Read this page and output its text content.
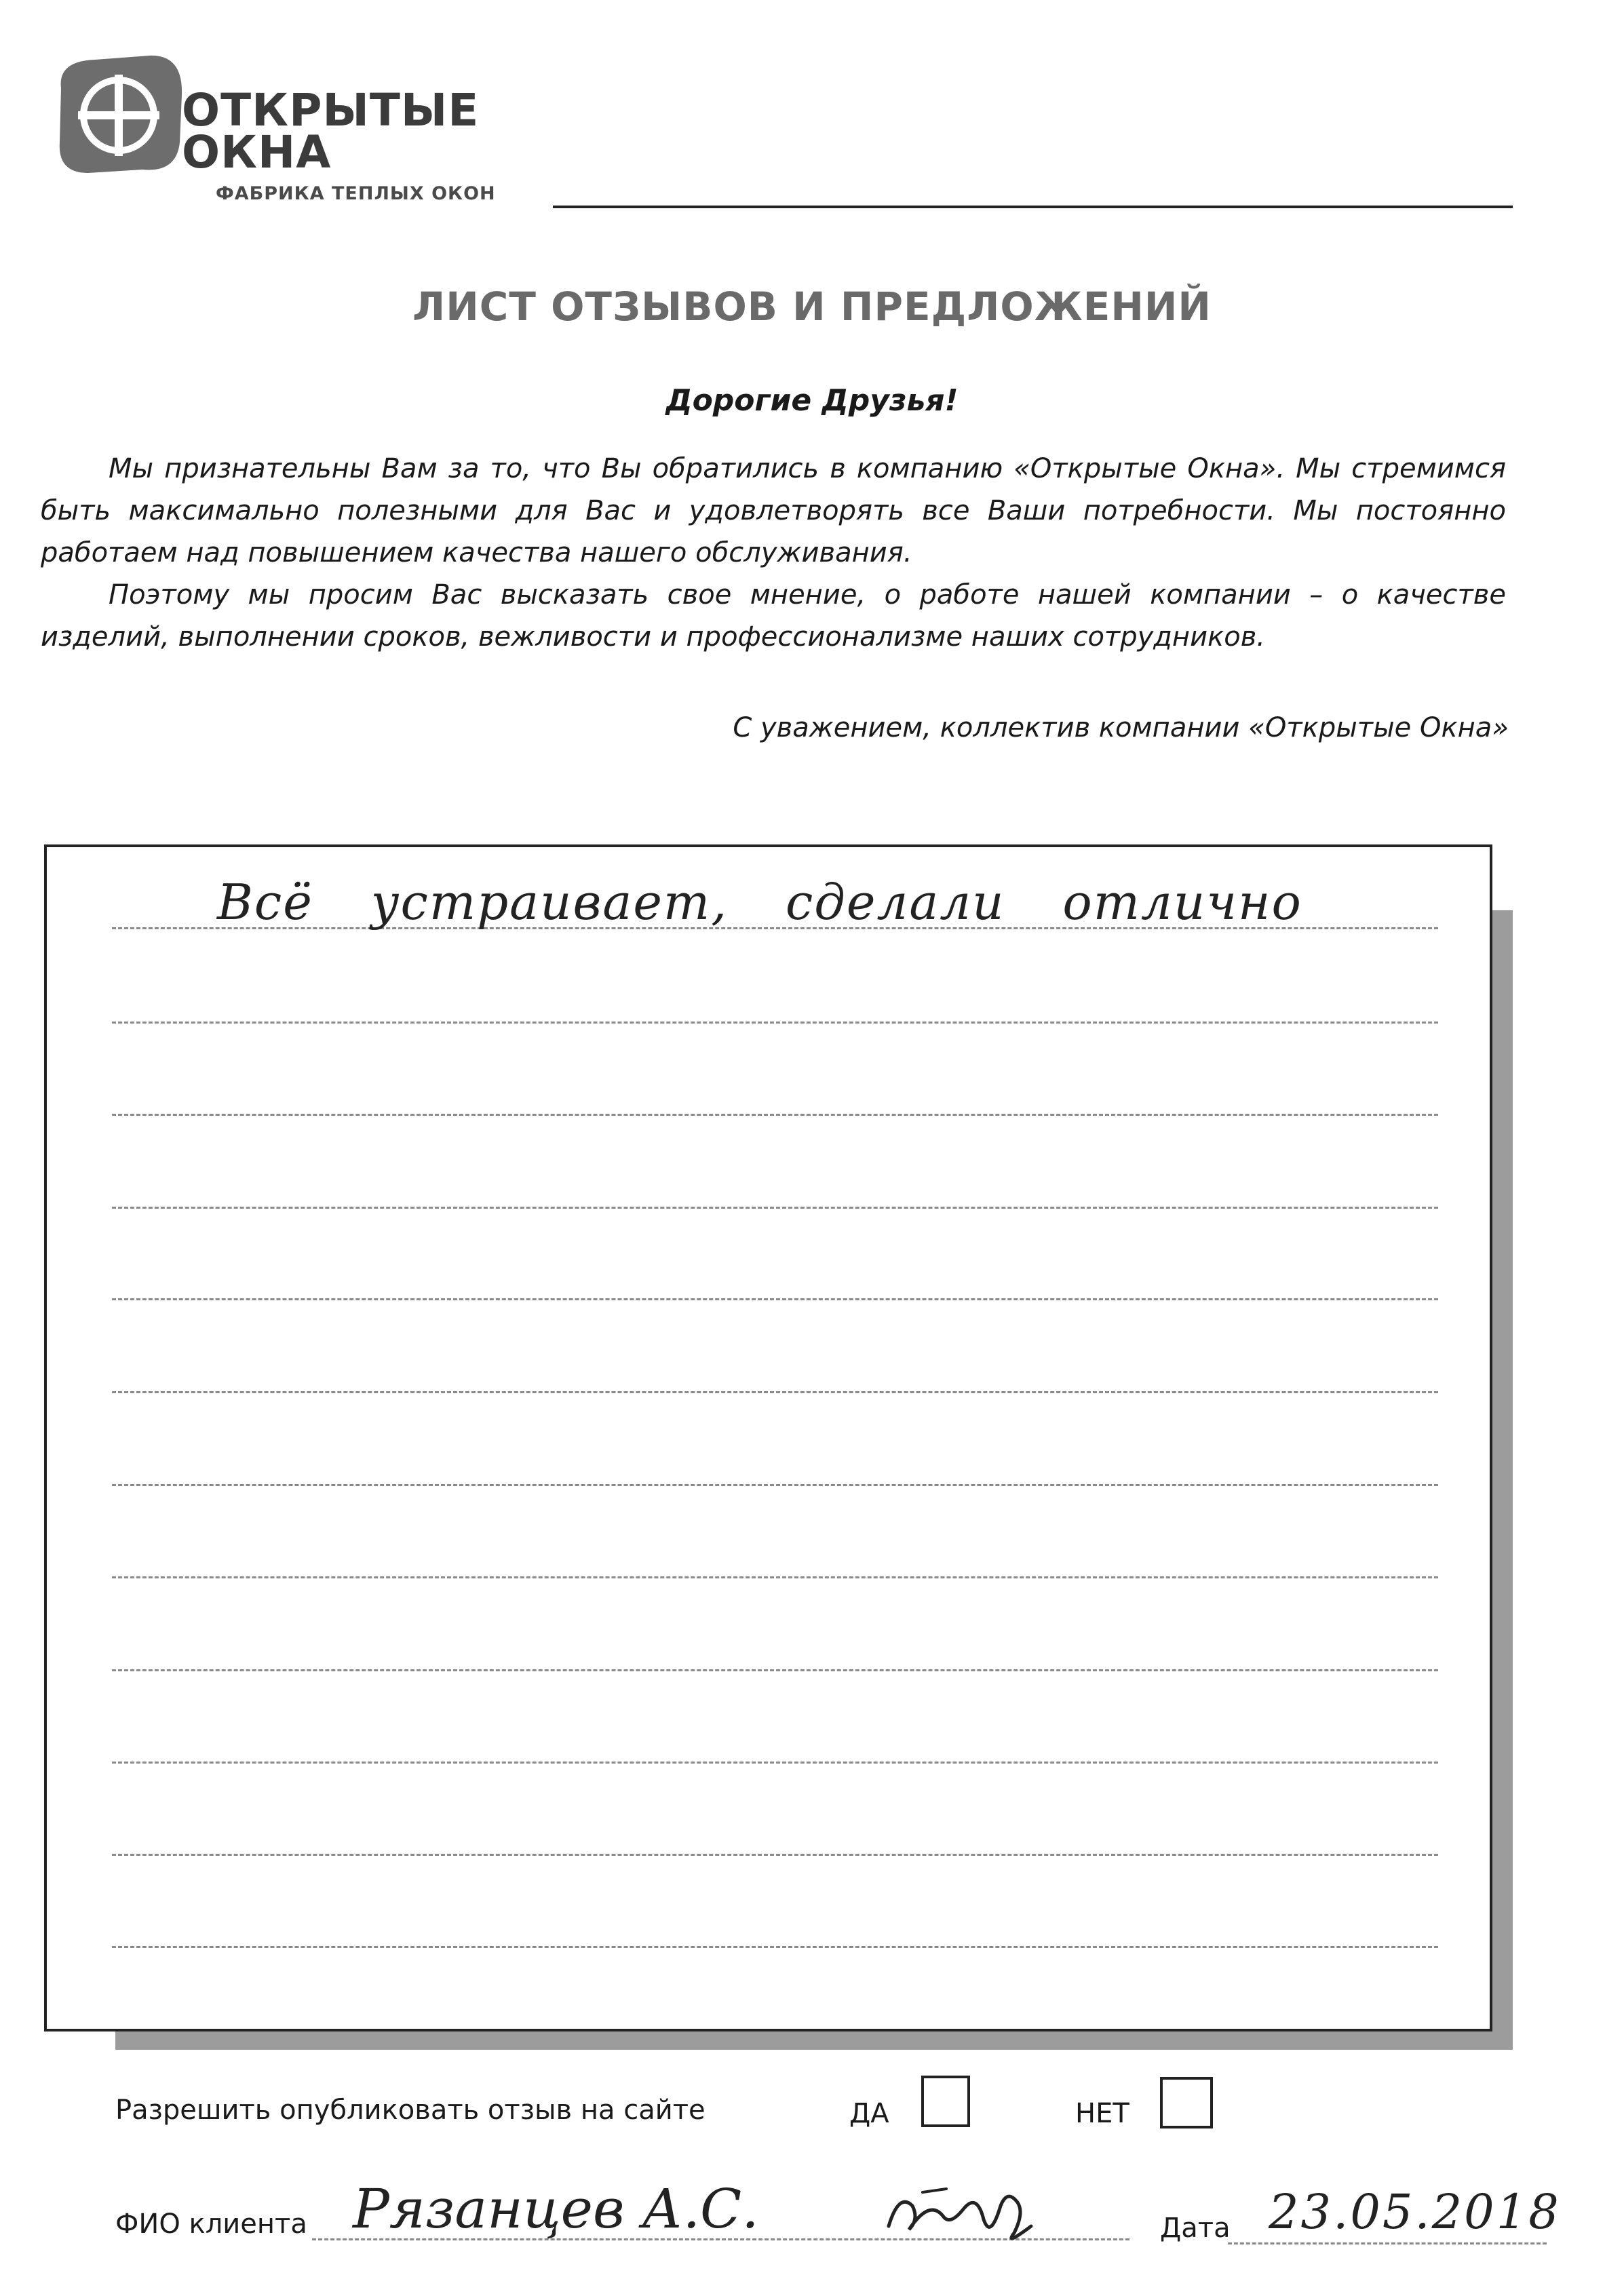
ОТКРЫТЫЕ
ОКНА
ФАБРИКА ТЕПЛЫХ ОКОН
ЛИСТ ОТЗЫВОВ И ПРЕДЛОЖЕНИЙ
Дорогие Друзья!

Мы признательны Вам за то, что Вы обратились в компанию «Открытые Окна». Мы стремимся быть максимально полезными для Вас и удовлетворять все Ваши потребности. Мы постоянно работаем над повышением качества нашего обслуживания.

Поэтому мы просим Вас высказать свое мнение, о работе нашей компании – о качестве изделий, выполнении сроков, вежливости и профессионализме наших сотрудников.

С уважением, коллектив компании «Открытые Окна»
Всё устраивает, сделали отлично
Разрешить опубликовать отзыв на сайте	ДА	НЕТ
ФИО клиента Рязанцев А.С.	Дата 23.05.2018
